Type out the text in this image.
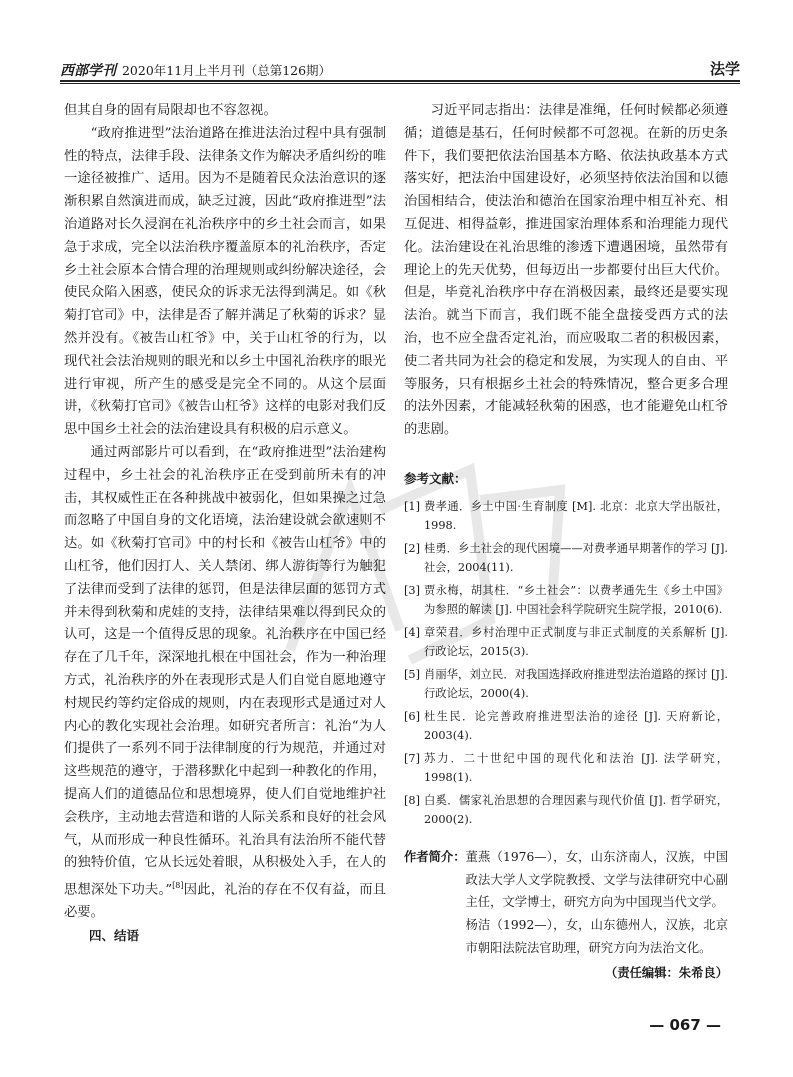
西部学刊 2020年11月上半月刊（总第126期）	法学

但其自身的固有局限却也不容忽视。

“政府推进型”法治道路在推进法治过程中具有强制性的特点，法律手段、法律条文作为解决矛盾纠纷的唯一途径被推广、适用。因为不是随着民众法治意识的逐渐积累自然演进而成，缺乏过渡，因此“政府推进型”法治道路对长久浸润在礼治秩序中的乡土社会而言，如果急于求成，完全以法治秩序覆盖原本的礼治秩序，否定乡土社会原本合情合理的治理规则或纠纷解决途径，会使民众陷入困惑，使民众的诉求无法得到满足。如《秋菊打官司》中，法律是否了解并满足了秋菊的诉求？显然并没有。《被告山杠爷》中，关于山杠爷的行为，以现代社会法治规则的眼光和以乡土中国礼治秩序的眼光进行审视，所产生的感受是完全不同的。从这个层面讲，《秋菊打官司》《被告山杠爷》这样的电影对我们反思中国乡土社会的法治建设具有积极的启示意义。

通过两部影片可以看到，在“政府推进型”法治建构过程中，乡土社会的礼治秩序正在受到前所未有的冲击，其权威性正在各种挑战中被弱化，但如果操之过急而忽略了中国自身的文化语境，法治建设就会欲速则不达。如《秋菊打官司》中的村长和《被告山杠爷》中的山杠爷，他们因打人、关人禁闭、绑人游街等行为触犯了法律而受到了法律的惩罚，但是法律层面的惩罚方式并未得到秋菊和虎娃的支持，法律结果难以得到民众的认可，这是一个值得反思的现象。礼治秩序在中国已经存在了几千年，深深地扎根在中国社会，作为一种治理方式，礼治秩序的外在表现形式是人们自觉自愿地遵守村规民约等约定俗成的规则，内在表现形式是通过对人内心的教化实现社会治理。如研究者所言：礼治“为人们提供了一系列不同于法律制度的行为规范，并通过对这些规范的遵守，于潜移默化中起到一种教化的作用，提高人们的道德品位和思想境界，使人们自觉地维护社会秩序，主动地去营造和谐的人际关系和良好的社会风气，从而形成一种良性循环。礼治具有法治所不能代替的独特价值，它从长远处着眼，从积极处入手，在人的思想深处下功夫。”[8]因此，礼治的存在不仅有益，而且必要。

四、结语

习近平同志指出：法律是准绳，任何时候都必须遵循；道德是基石，任何时候都不可忽视。在新的历史条件下，我们要把依法治国基本方略、依法执政基本方式落实好，把法治中国建设好，必须坚持依法治国和以德治国相结合，使法治和德治在国家治理中相互补充、相互促进、相得益彰，推进国家治理体系和治理能力现代化。法治建设在礼治思维的渗透下遭遇困境，虽然带有理论上的先天优势，但每迈出一步都要付出巨大代价。但是，毕竟礼治秩序中存在消极因素，最终还是要实现法治。就当下而言，我们既不能全盘接受西方式的法治，也不应全盘否定礼治，而应吸取二者的积极因素，使二者共同为社会的稳定和发展，为实现人的自由、平等服务，只有根据乡土社会的特殊情况，整合更多合理的法外因素，才能减轻秋菊的困惑，也才能避免山杠爷的悲剧。

参考文献：

[1] 费孝通．乡土中国·生育制度 [M]. 北京：北京大学出版社，1998.
[2] 桂勇．乡土社会的现代困境——对费孝通早期著作的学习 [J]. 社会，2004(11).
[3] 贾永梅，胡其柱．“乡土社会”：以费孝通先生《乡土中国》为参照的解读 [J]. 中国社会科学院研究生院学报，2010(6).
[4] 章荣君．乡村治理中正式制度与非正式制度的关系解析 [J]. 行政论坛，2015(3).
[5] 肖丽华，刘立民．对我国选择政府推进型法治道路的探讨 [J]. 行政论坛，2000(4).
[6] 杜生民．论完善政府推进型法治的途径 [J]. 天府新论，2003(4).
[7] 苏力．二十世纪中国的现代化和法治 [J]. 法学研究，1998(1).
[8] 白奚．儒家礼治思想的合理因素与现代价值 [J]. 哲学研究，2000(2).
作者简介： 董燕（1976—），女，山东济南人，汉族，中国政法大学人文学院教授、文学与法律研究中心副主任，文学博士，研究方向为中国现当代文学。
杨洁（1992—），女，山东德州人，汉族，北京市朝阳法院法官助理，研究方向为法治文化。
（责任编辑：朱希良）
— 067 —
